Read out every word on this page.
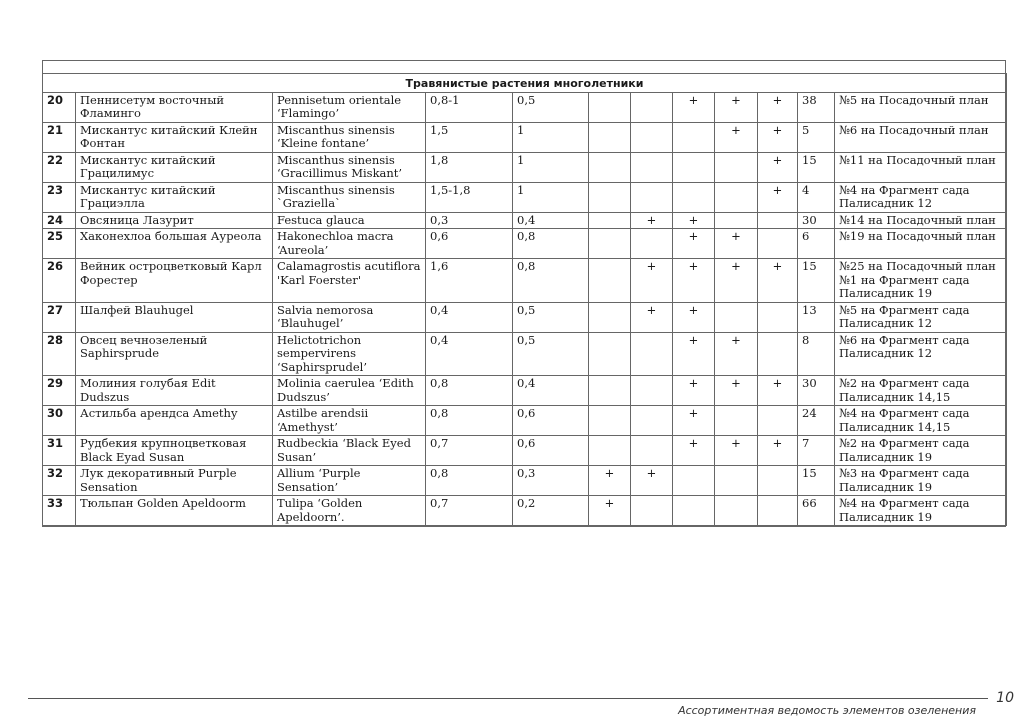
Травянистые растения многолетники											
20	Пеннисетум восточный Фламинго	Pennisetum orientale ‘Flamingo’	0,8-1	0,5			+	+	+	38	№5 на Посадочный план
21	Мискантус китайский Клейн Фонтан	Miscanthus sinensis ‘Kleine fontane’	1,5	1				+	+	5	№6 на Посадочный план
22	Мискантус китайский Грацилимус	Miscanthus sinensis ‘Gracillimus Miskant’	1,8	1					+	15	№11 на Посадочный план
23	Мискантус китайский Грациэлла	Miscanthus sinensis `Graziella`	1,5-1,8	1					+	4	№4 на Фрагмент сада
Палисадник 12
24	Овсяница Лазурит	Festuca glauca	0,3	0,4		+	+			30	№14 на Посадочный план
25	Хаконехлоа большая Аурeола	Hakonechloa macra ‘Aureola’	0,6	0,8			+	+		6	№19 на Посадочный план
26	Вейник остроцветковый Карл Форестер	Calamagrostis acutiflora 'Karl Foerster'	1,6	0,8		+	+	+	+	15	№25 на Посадочный план
№1 на Фрагмент сада
Палисадник 19
27	Шалфей Blauhugel	Salvia nemorosa ‘Blauhugel’	0,4	0,5		+	+			13	№5 на Фрагмент сада
Палисадник 12
28	Овсец вечнозеленый Saphirsprude	Helictotrichon sempervirens ‘Saphirsprudel’	0,4	0,5			+	+		8	№6 на Фрагмент сада
Палисадник 12
29	Молиния голубая Edit Dudszus	Molinia caerulea ‘Edith Dudszus’	0,8	0,4			+	+	+	30	№2 на Фрагмент сада
Палисадник 14,15
30	Астильба арендса Amethy	Astilbe arendsii ‘Amethyst’	0,8	0,6			+			24	№4 на Фрагмент сада
Палисадник 14,15
31	Рудбекия крупноцветковая Black Eyad Susan	Rudbeckia ‘Black Eyed Susan’	0,7	0,6			+	+	+	7	№2 на Фрагмент сада
Палисадник 19
32	Лук декоративный Purple Sensation	Allium ‘Purple Sensation’	0,8	0,3	+	+				15	№3 на Фрагмент сада
Палисадник 19
33	Тюльпан Golden Apeldoorm	Tulipa ‘Golden Apeldoorn’.	0,7	0,2	+					66	№4 на Фрагмент сада
Палисадник 19
Ассортиментная ведомость элементов озеленения
10
